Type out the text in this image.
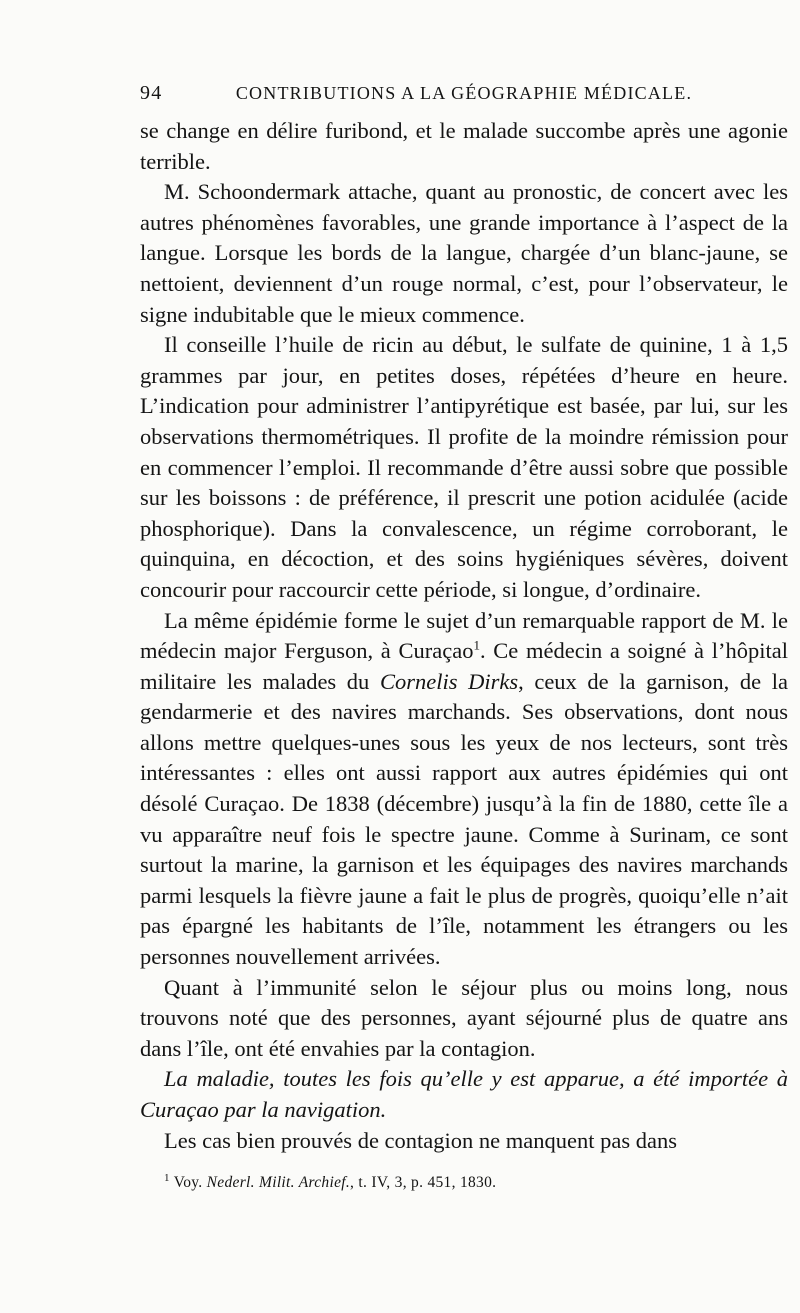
94	CONTRIBUTIONS A LA GÉOGRAPHIE MÉDICALE.

se change en délire furibond, et le malade succombe après une agonie terrible.

M. Schoondermark attache, quant au pronostic, de concert avec les autres phénomènes favorables, une grande importance à l’aspect de la langue. Lorsque les bords de la langue, chargée d’un blanc-jaune, se nettoient, deviennent d’un rouge normal, c’est, pour l’observateur, le signe indubitable que le mieux commence.

Il conseille l’huile de ricin au début, le sulfate de quinine, 1 à 1,5 grammes par jour, en petites doses, répétées d’heure en heure. L’indication pour administrer l’antipyrétique est basée, par lui, sur les observations thermométriques. Il profite de la moindre rémission pour en commencer l’emploi. Il recommande d’être aussi sobre que possible sur les boissons : de préférence, il prescrit une potion acidulée (acide phosphorique). Dans la convalescence, un régime corroborant, le quinquina, en décoction, et des soins hygiéniques sévères, doivent concourir pour raccourcir cette période, si longue, d’ordinaire.

La même épidémie forme le sujet d’un remarquable rapport de M. le médecin major Ferguson, à Curaçao$^1$. Ce médecin a soigné à l’hôpital militaire les malades du Cornelis Dirks, ceux de la garnison, de la gendarmerie et des navires marchands. Ses observations, dont nous allons mettre quelques-unes sous les yeux de nos lecteurs, sont très intéressantes : elles ont aussi rapport aux autres épidémies qui ont désolé Curaçao. De 1838 (décembre) jusqu’à la fin de 1880, cette île a vu apparaître neuf fois le spectre jaune. Comme à Surinam, ce sont surtout la marine, la garnison et les équipages des navires marchands parmi lesquels la fièvre jaune a fait le plus de progrès, quoiqu’elle n’ait pas épargné les habitants de l’île, notamment les étrangers ou les personnes nouvellement arrivées.

Quant à l’immunité selon le séjour plus ou moins long, nous trouvons noté que des personnes, ayant séjourné plus de quatre ans dans l’île, ont été envahies par la contagion.

La maladie, toutes les fois qu’elle y est apparue, a été importée à Curaçao par la navigation.

Les cas bien prouvés de contagion ne manquent pas dans

$^1$ Voy. Nederl. Milit. Archief., t. IV, 3, p. 451, 1830.
